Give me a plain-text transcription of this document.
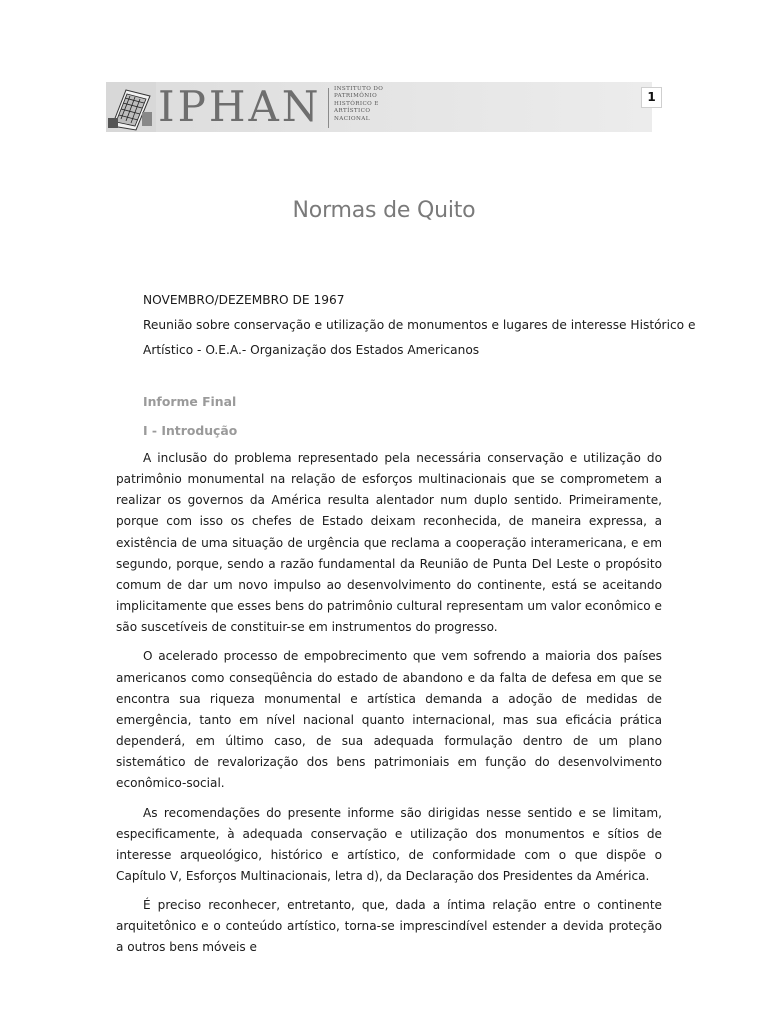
IPHAN INSTITUTO DO
PATRIMÔNIO
HISTÓRICO E
ARTÍSTICO
NACIONAL
1
Normas de Quito
NOVEMBRO/DEZEMBRO DE 1967
Reunião sobre conservação e utilização de monumentos e lugares de interesse Histórico e
Artístico - O.E.A.- Organização dos Estados Americanos
Informe Final
I - Introdução

A inclusão do problema representado pela necessária conservação e utilização do patrimônio monumental na relação de esforços multinacionais que se comprometem a realizar os governos da América resulta alentador num duplo sentido. Primeiramente, porque com isso os chefes de Estado deixam reconhecida, de maneira expressa, a existência de uma situação de urgência que reclama a cooperação interamericana, e em segundo, porque, sendo a razão fundamental da Reunião de Punta Del Leste o propósito comum de dar um novo impulso ao desenvolvimento do continente, está se aceitando implicitamente que esses bens do patrimônio cultural representam um valor econômico e são suscetíveis de constituir-se em instrumentos do progresso.

O acelerado processo de empobrecimento que vem sofrendo a maioria dos países americanos como conseqüência do estado de abandono e da falta de defesa em que se encontra sua riqueza monumental e artística demanda a adoção de medidas de emergência, tanto em nível nacional quanto internacional, mas sua eficácia prática dependerá, em último caso, de sua adequada formulação dentro de um plano sistemático de revalorização dos bens patrimoniais em função do desenvolvimento econômico-social.

As recomendações do presente informe são dirigidas nesse sentido e se limitam, especificamente, à adequada conservação e utilização dos monumentos e sítios de interesse arqueológico, histórico e artístico, de conformidade com o que dispõe o Capítulo V, Esforços Multinacionais, letra d), da Declaração dos Presidentes da América.

É preciso reconhecer, entretanto, que, dada a íntima relação entre o continente arquitetônico e o conteúdo artístico, torna-se imprescindível estender a devida proteção a outros bens móveis e
